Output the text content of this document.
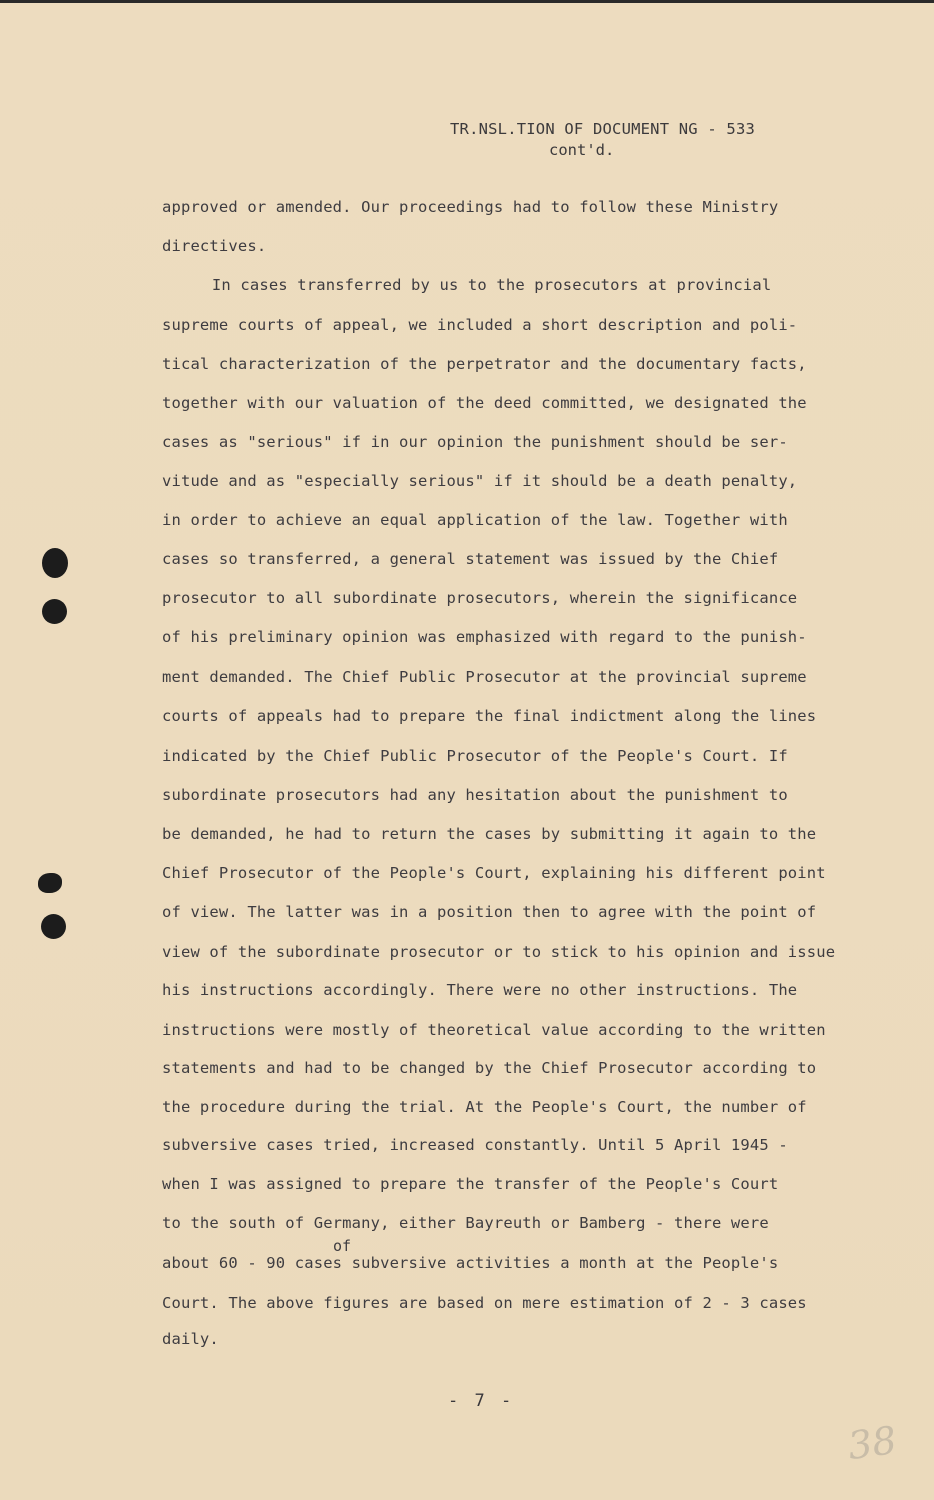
TR.NSL.TION OF DOCUMENT NG - 533
cont'd.
approved or amended. Our proceedings had to follow these Ministry
directives.
In cases transferred by us to the prosecutors at provincial
supreme courts of appeal, we included a short description and poli-
tical characterization of the perpetrator and the documentary facts,
together with our valuation of the deed committed, we designated the
cases as "serious" if in our opinion the punishment should be ser-
vitude and as "especially serious" if it should be a death penalty,
in order to achieve an equal application of the law. Together with
cases so transferred, a general statement was issued by the Chief
prosecutor to all subordinate prosecutors, wherein the significance
of his preliminary opinion was emphasized with regard to the punish-
ment demanded. The Chief Public Prosecutor at the provincial supreme
courts of appeals had to prepare the final indictment along the lines
indicated by the Chief Public Prosecutor of the People's Court. If
subordinate prosecutors had any hesitation about the punishment to
be demanded, he had to return the cases by submitting it again to the
Chief Prosecutor of the People's Court, explaining his different point
of view. The latter was in a position then to agree with the point of
view of the subordinate prosecutor or to stick to his opinion and issue
his instructions accordingly. There were no other instructions. The
instructions were mostly of theoretical value according to the written
statements and had to be changed by the Chief Prosecutor according to
the procedure during the trial. At the People's Court, the number of
subversive cases tried, increased constantly. Until 5 April 1945 -
when I was assigned to prepare the transfer of the People's Court
to the south of Germany, either Bayreuth or Bamberg - there were
about 60 - 90 cases subversive activities a month at the People's
Court. The above figures are based on mere estimation of 2 - 3 cases
daily.
of
- 7 -
38
